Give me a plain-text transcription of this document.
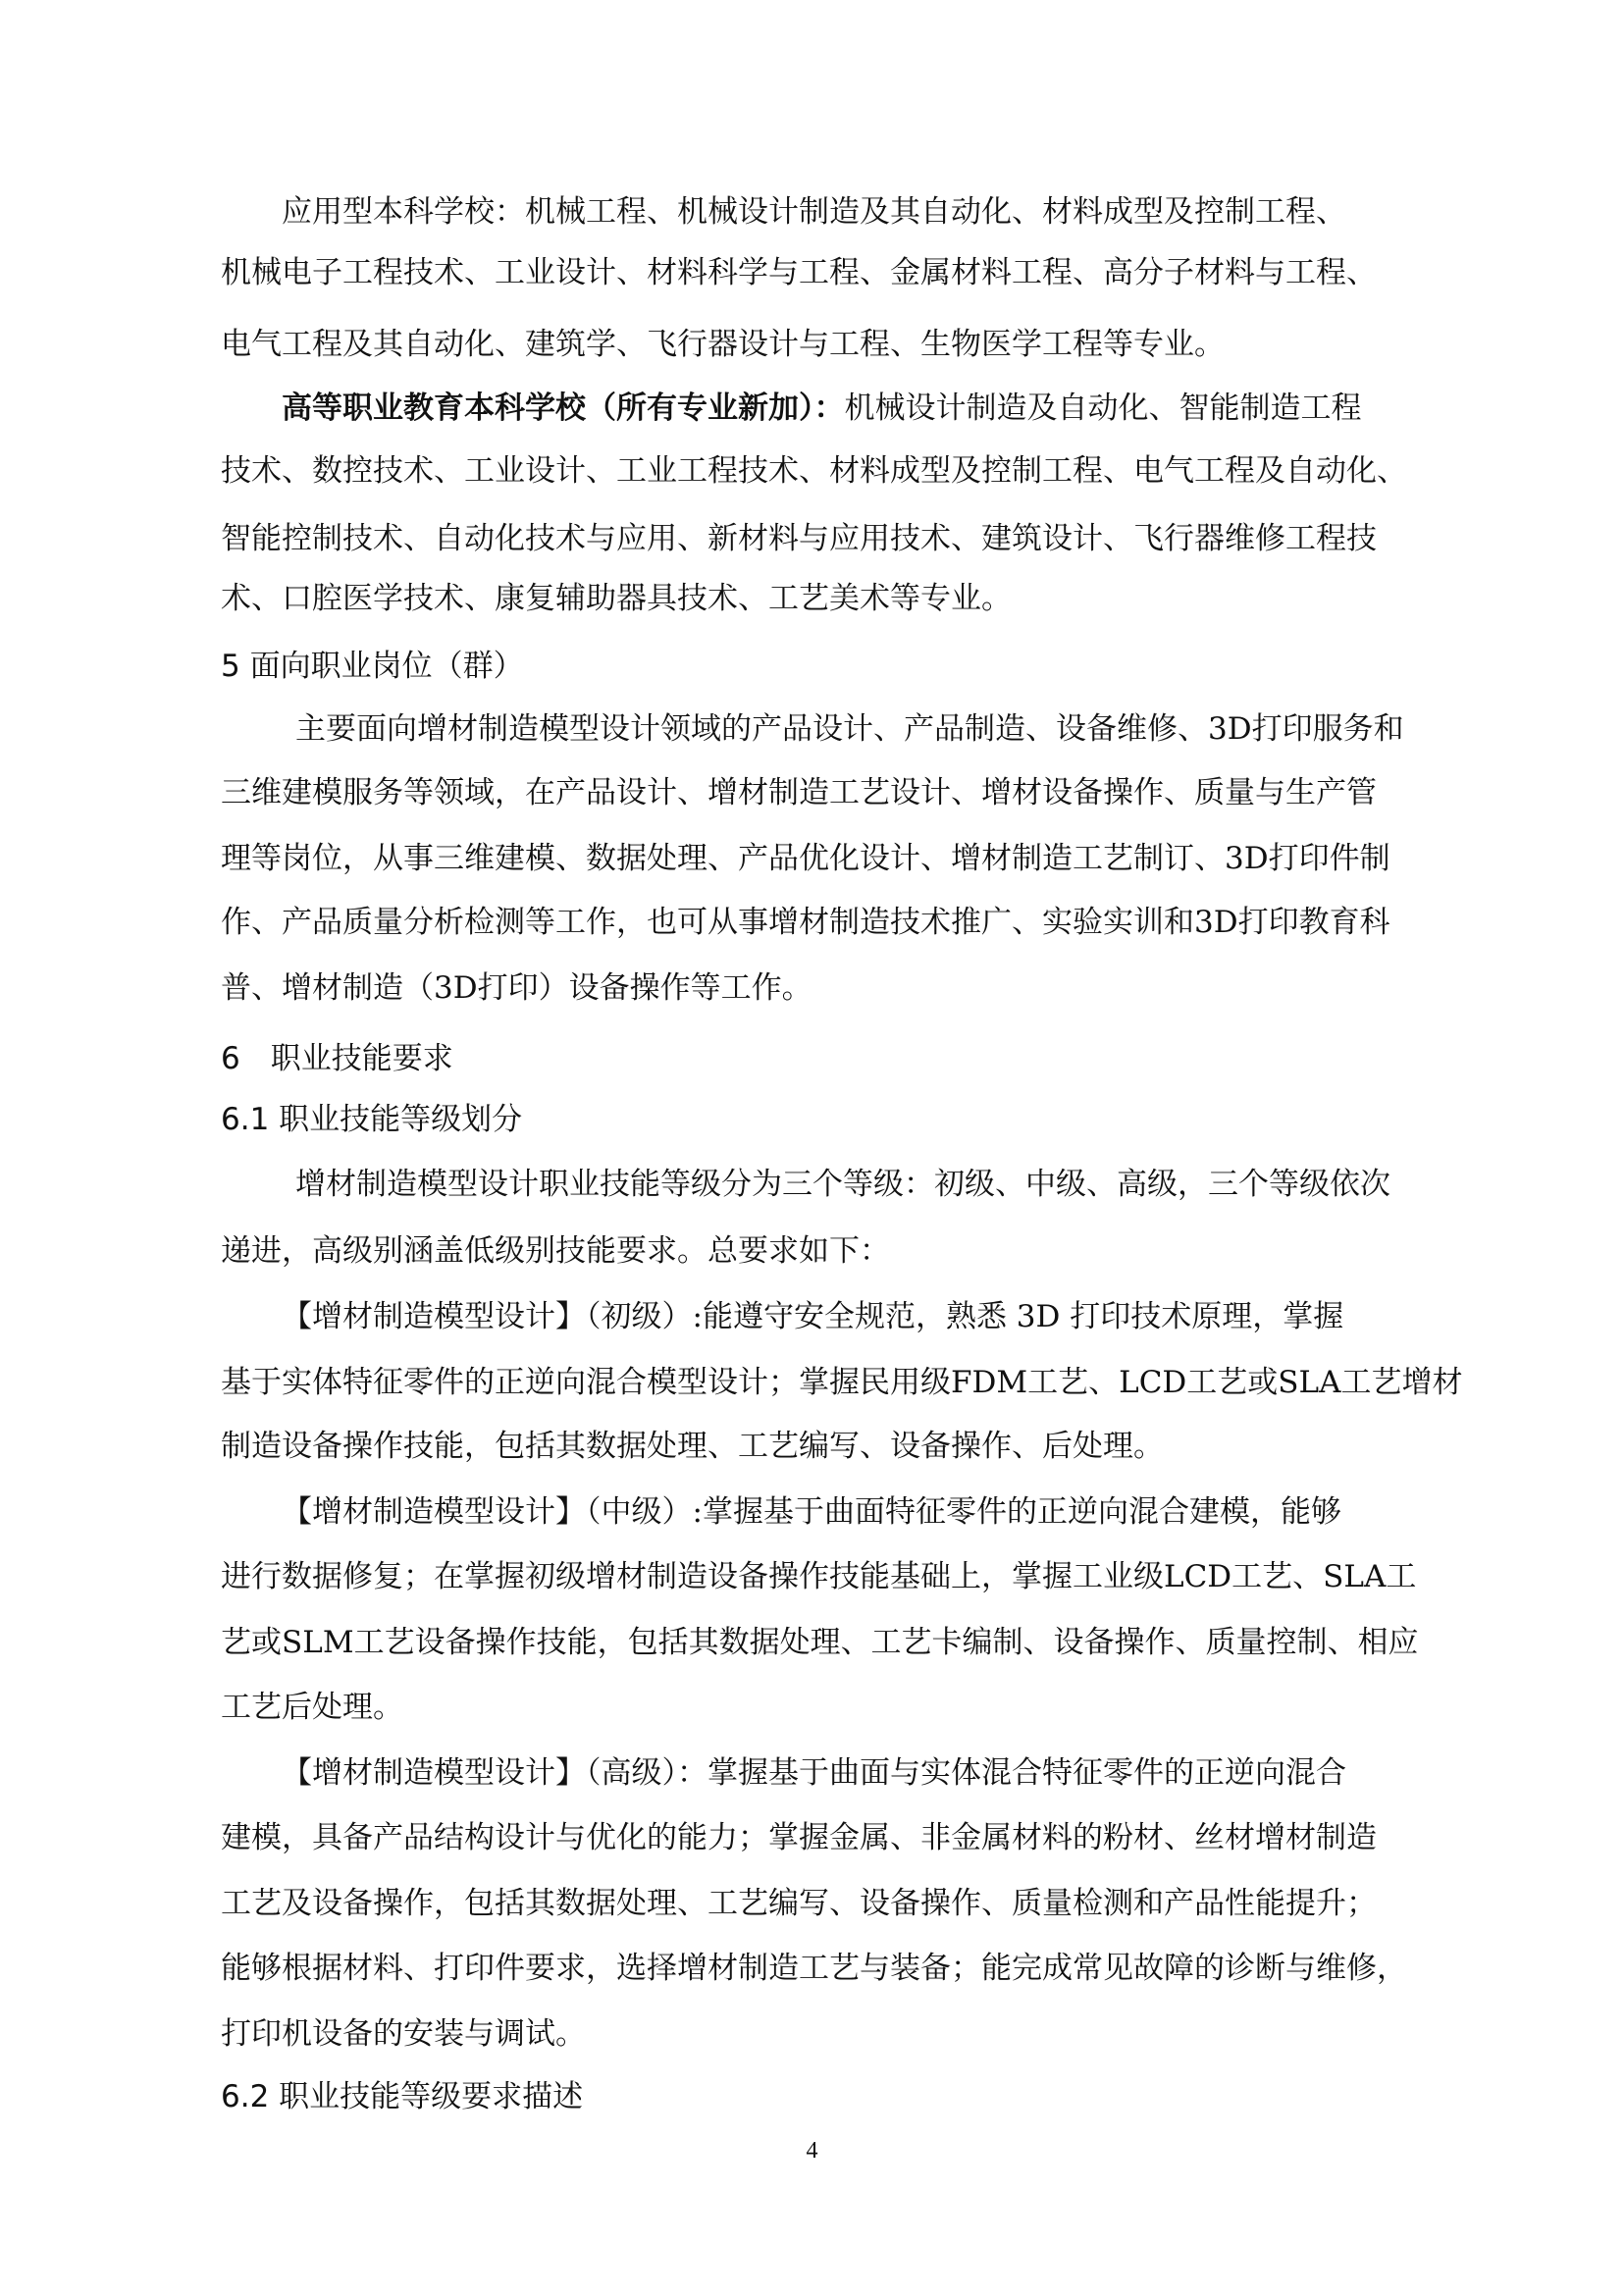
应用型本科学校：机械工程、机械设计制造及其自动化、材料成型及控制工程、
机械电子工程技术、工业设计、材料科学与工程、金属材料工程、高分子材料与工程、
电气工程及其自动化、建筑学、飞行器设计与工程、生物医学工程等专业。
高等职业教育本科学校（所有专业新加）：机械设计制造及自动化、智能制造工程
技术、数控技术、工业设计、工业工程技术、材料成型及控制工程、电气工程及自动化、
智能控制技术、自动化技术与应用、新材料与应用技术、建筑设计、飞行器维修工程技
术、口腔医学技术、康复辅助器具技术、工艺美术等专业。
5 面向职业岗位（群）
主要面向增材制造模型设计领域的产品设计、产品制造、设备维修、3D打印服务和
三维建模服务等领域，在产品设计、增材制造工艺设计、增材设备操作、质量与生产管
理等岗位，从事三维建模、数据处理、产品优化设计、增材制造工艺制订、3D打印件制
作、产品质量分析检测等工作，也可从事增材制造技术推广、实验实训和3D打印教育科
普、增材制造（3D打印）设备操作等工作。
6　职业技能要求
6.1 职业技能等级划分
增材制造模型设计职业技能等级分为三个等级：初级、中级、高级，三个等级依次
递进，高级别涵盖低级别技能要求。总要求如下：
【增材制造模型设计】（初级）:能遵守安全规范，熟悉 3D 打印技术原理，掌握
基于实体特征零件的正逆向混合模型设计；掌握民用级FDM工艺、LCD工艺或SLA工艺增材
制造设备操作技能，包括其数据处理、工艺编写、设备操作、后处理。
【增材制造模型设计】（中级）:掌握基于曲面特征零件的正逆向混合建模，能够
进行数据修复；在掌握初级增材制造设备操作技能基础上，掌握工业级LCD工艺、SLA工
艺或SLM工艺设备操作技能，包括其数据处理、工艺卡编制、设备操作、质量控制、相应
工艺后处理。
【增材制造模型设计】（高级）：掌握基于曲面与实体混合特征零件的正逆向混合
建模，具备产品结构设计与优化的能力；掌握金属、非金属材料的粉材、丝材增材制造
工艺及设备操作，包括其数据处理、工艺编写、设备操作、质量检测和产品性能提升；
能够根据材料、打印件要求，选择增材制造工艺与装备；能完成常见故障的诊断与维修，
打印机设备的安装与调试。
6.2 职业技能等级要求描述
4
